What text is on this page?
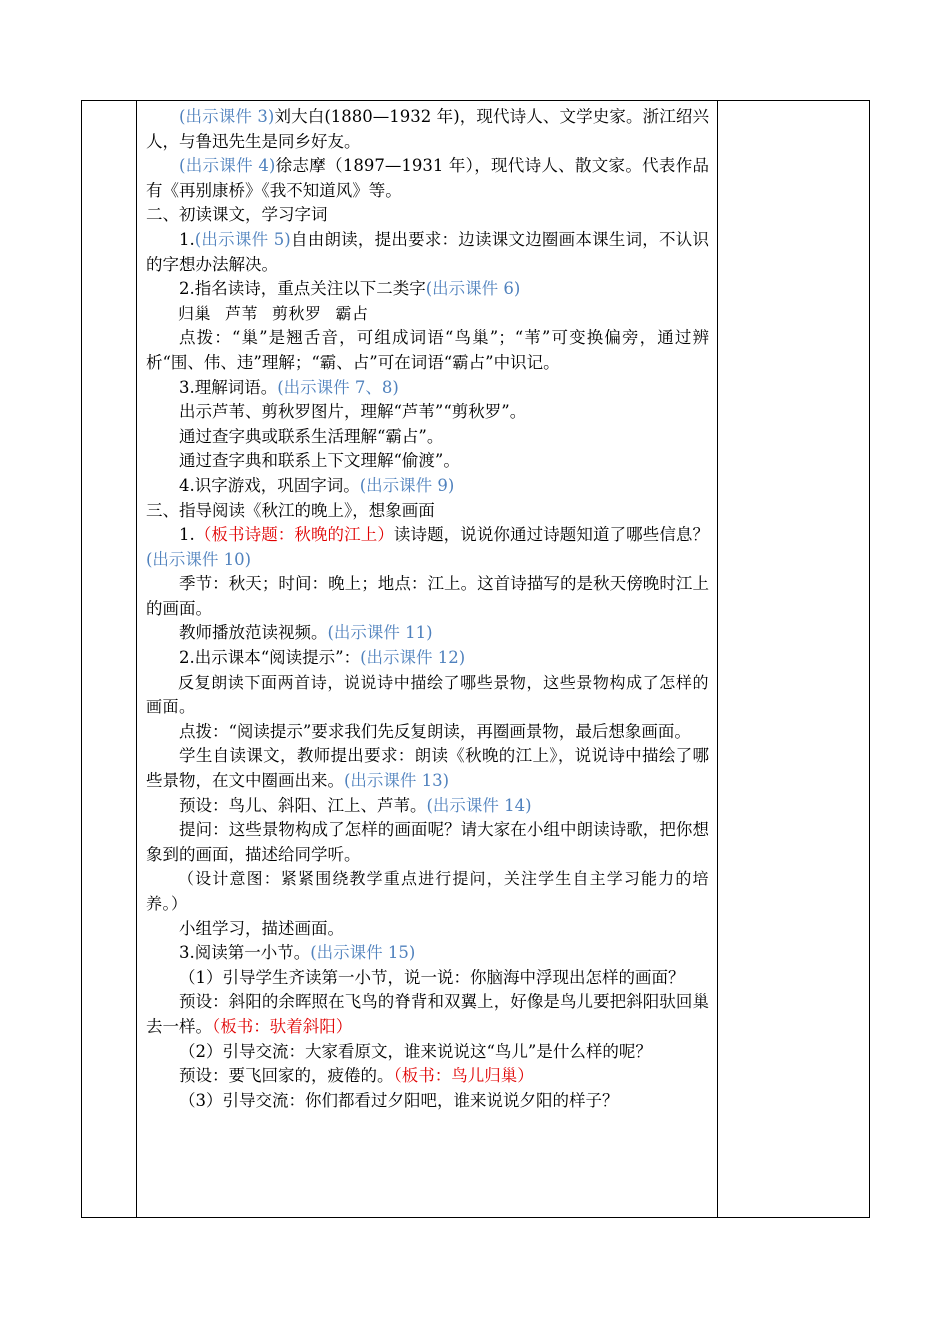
(出示课件 3)刘大白(1880—1932 年)，现代诗人、文学史家。浙江绍兴人，与鲁迅先生是同乡好友。

(出示课件 4)徐志摩（1897—1931 年），现代诗人、散文家。代表作品有《再别康桥》《我不知道风》等。

二、初读课文，学习字词

1.(出示课件 5)自由朗读，提出要求：边读课文边圈画本课生词，不认识的字想办法解决。

2.指名读诗，重点关注以下二类字(出示课件 6)

归巢 芦苇 剪秋罗 霸占

点拨：“巢”是翘舌音，可组成词语“鸟巢”；“苇”可变换偏旁，通过辨析“围、伟、违”理解；“霸、占”可在词语“霸占”中识记。

3.理解词语。(出示课件 7、8)

出示芦苇、剪秋罗图片，理解“芦苇”“剪秋罗”。

通过查字典或联系生活理解“霸占”。

通过查字典和联系上下文理解“偷渡”。

4.识字游戏，巩固字词。(出示课件 9)

三、指导阅读《秋江的晚上》，想象画面

1.（板书诗题：秋晚的江上）读诗题，说说你通过诗题知道了哪些信息？(出示课件 10)

季节：秋天；时间：晚上；地点：江上。这首诗描写的是秋天傍晚时江上的画面。

教师播放范读视频。(出示课件 11)

2.出示课本“阅读提示”：(出示课件 12)

反复朗读下面两首诗，说说诗中描绘了哪些景物，这些景物构成了怎样的画面。

点拨：“阅读提示”要求我们先反复朗读，再圈画景物，最后想象画面。

学生自读课文，教师提出要求：朗读《秋晚的江上》，说说诗中描绘了哪些景物，在文中圈画出来。(出示课件 13)

预设：鸟儿、斜阳、江上、芦苇。(出示课件 14)

提问：这些景物构成了怎样的画面呢？请大家在小组中朗读诗歌，把你想象到的画面，描述给同学听。

（设计意图：紧紧围绕教学重点进行提问，关注学生自主学习能力的培养。）

小组学习，描述画面。

3.阅读第一小节。(出示课件 15)

（1）引导学生齐读第一小节，说一说：你脑海中浮现出怎样的画面？

预设：斜阳的余晖照在飞鸟的脊背和双翼上，好像是鸟儿要把斜阳驮回巢去一样。（板书：驮着斜阳）

（2）引导交流：大家看原文，谁来说说这“鸟儿”是什么样的呢？

预设：要飞回家的，疲倦的。（板书：鸟儿归巢）

（3）引导交流：你们都看过夕阳吧，谁来说说夕阳的样子？
